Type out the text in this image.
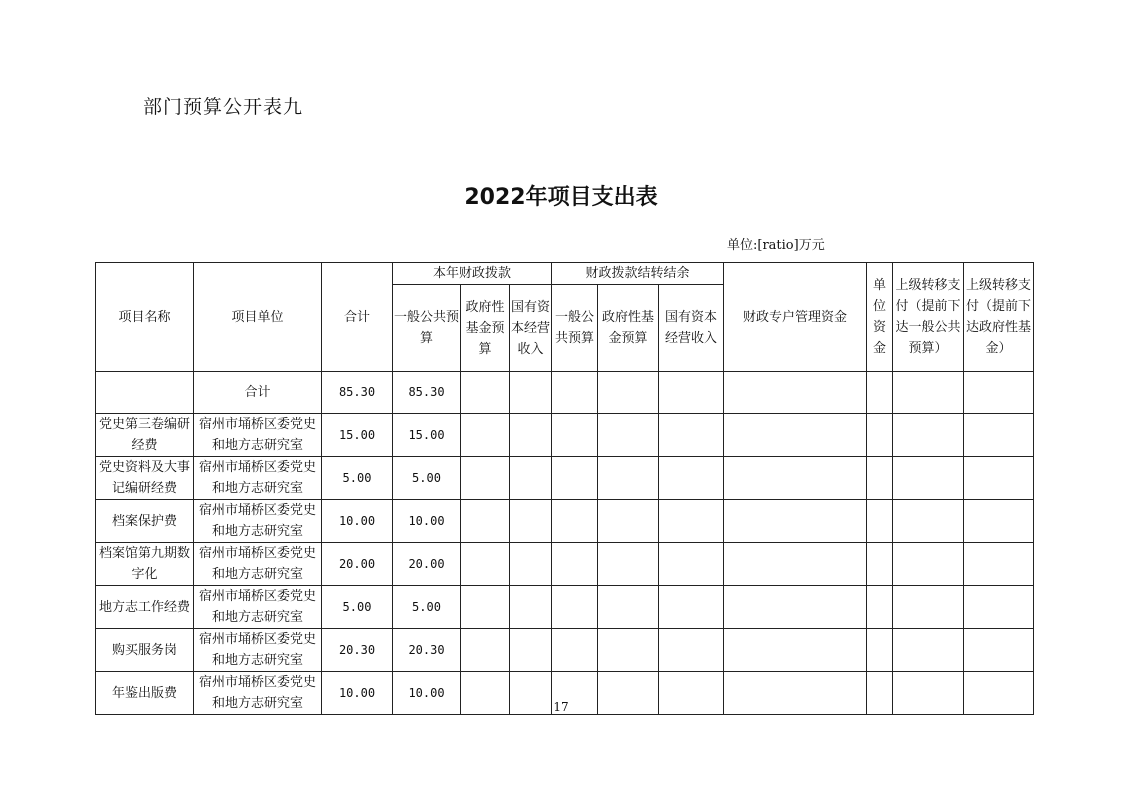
部门预算公开表九
2022年项目支出表
单位:[ratio]万元
项目名称	项目单位	合计	本年财政拨款			财政拨款结转结余			财政专户管理资金	单位资金	上级转移支付（提前下达一般公共预算）	上级转移支付（提前下达政府性基金）
			一般公共预算	政府性基金预算	国有资本经营收入	一般公共预算	政府性基金预算	国有资本经营收入				
	合计	85.30	85.30									
党史第三卷编研经费	宿州市埇桥区委党史和地方志研究室	15.00	15.00									
党史资料及大事记编研经费	宿州市埇桥区委党史和地方志研究室	5.00	5.00									
档案保护费	宿州市埇桥区委党史和地方志研究室	10.00	10.00									
档案馆第九期数字化	宿州市埇桥区委党史和地方志研究室	20.00	20.00									
地方志工作经费	宿州市埇桥区委党史和地方志研究室	5.00	5.00									
购买服务岗	宿州市埇桥区委党史和地方志研究室	20.30	20.30									
年鉴出版费	宿州市埇桥区委党史和地方志研究室	10.00	10.00									
17
